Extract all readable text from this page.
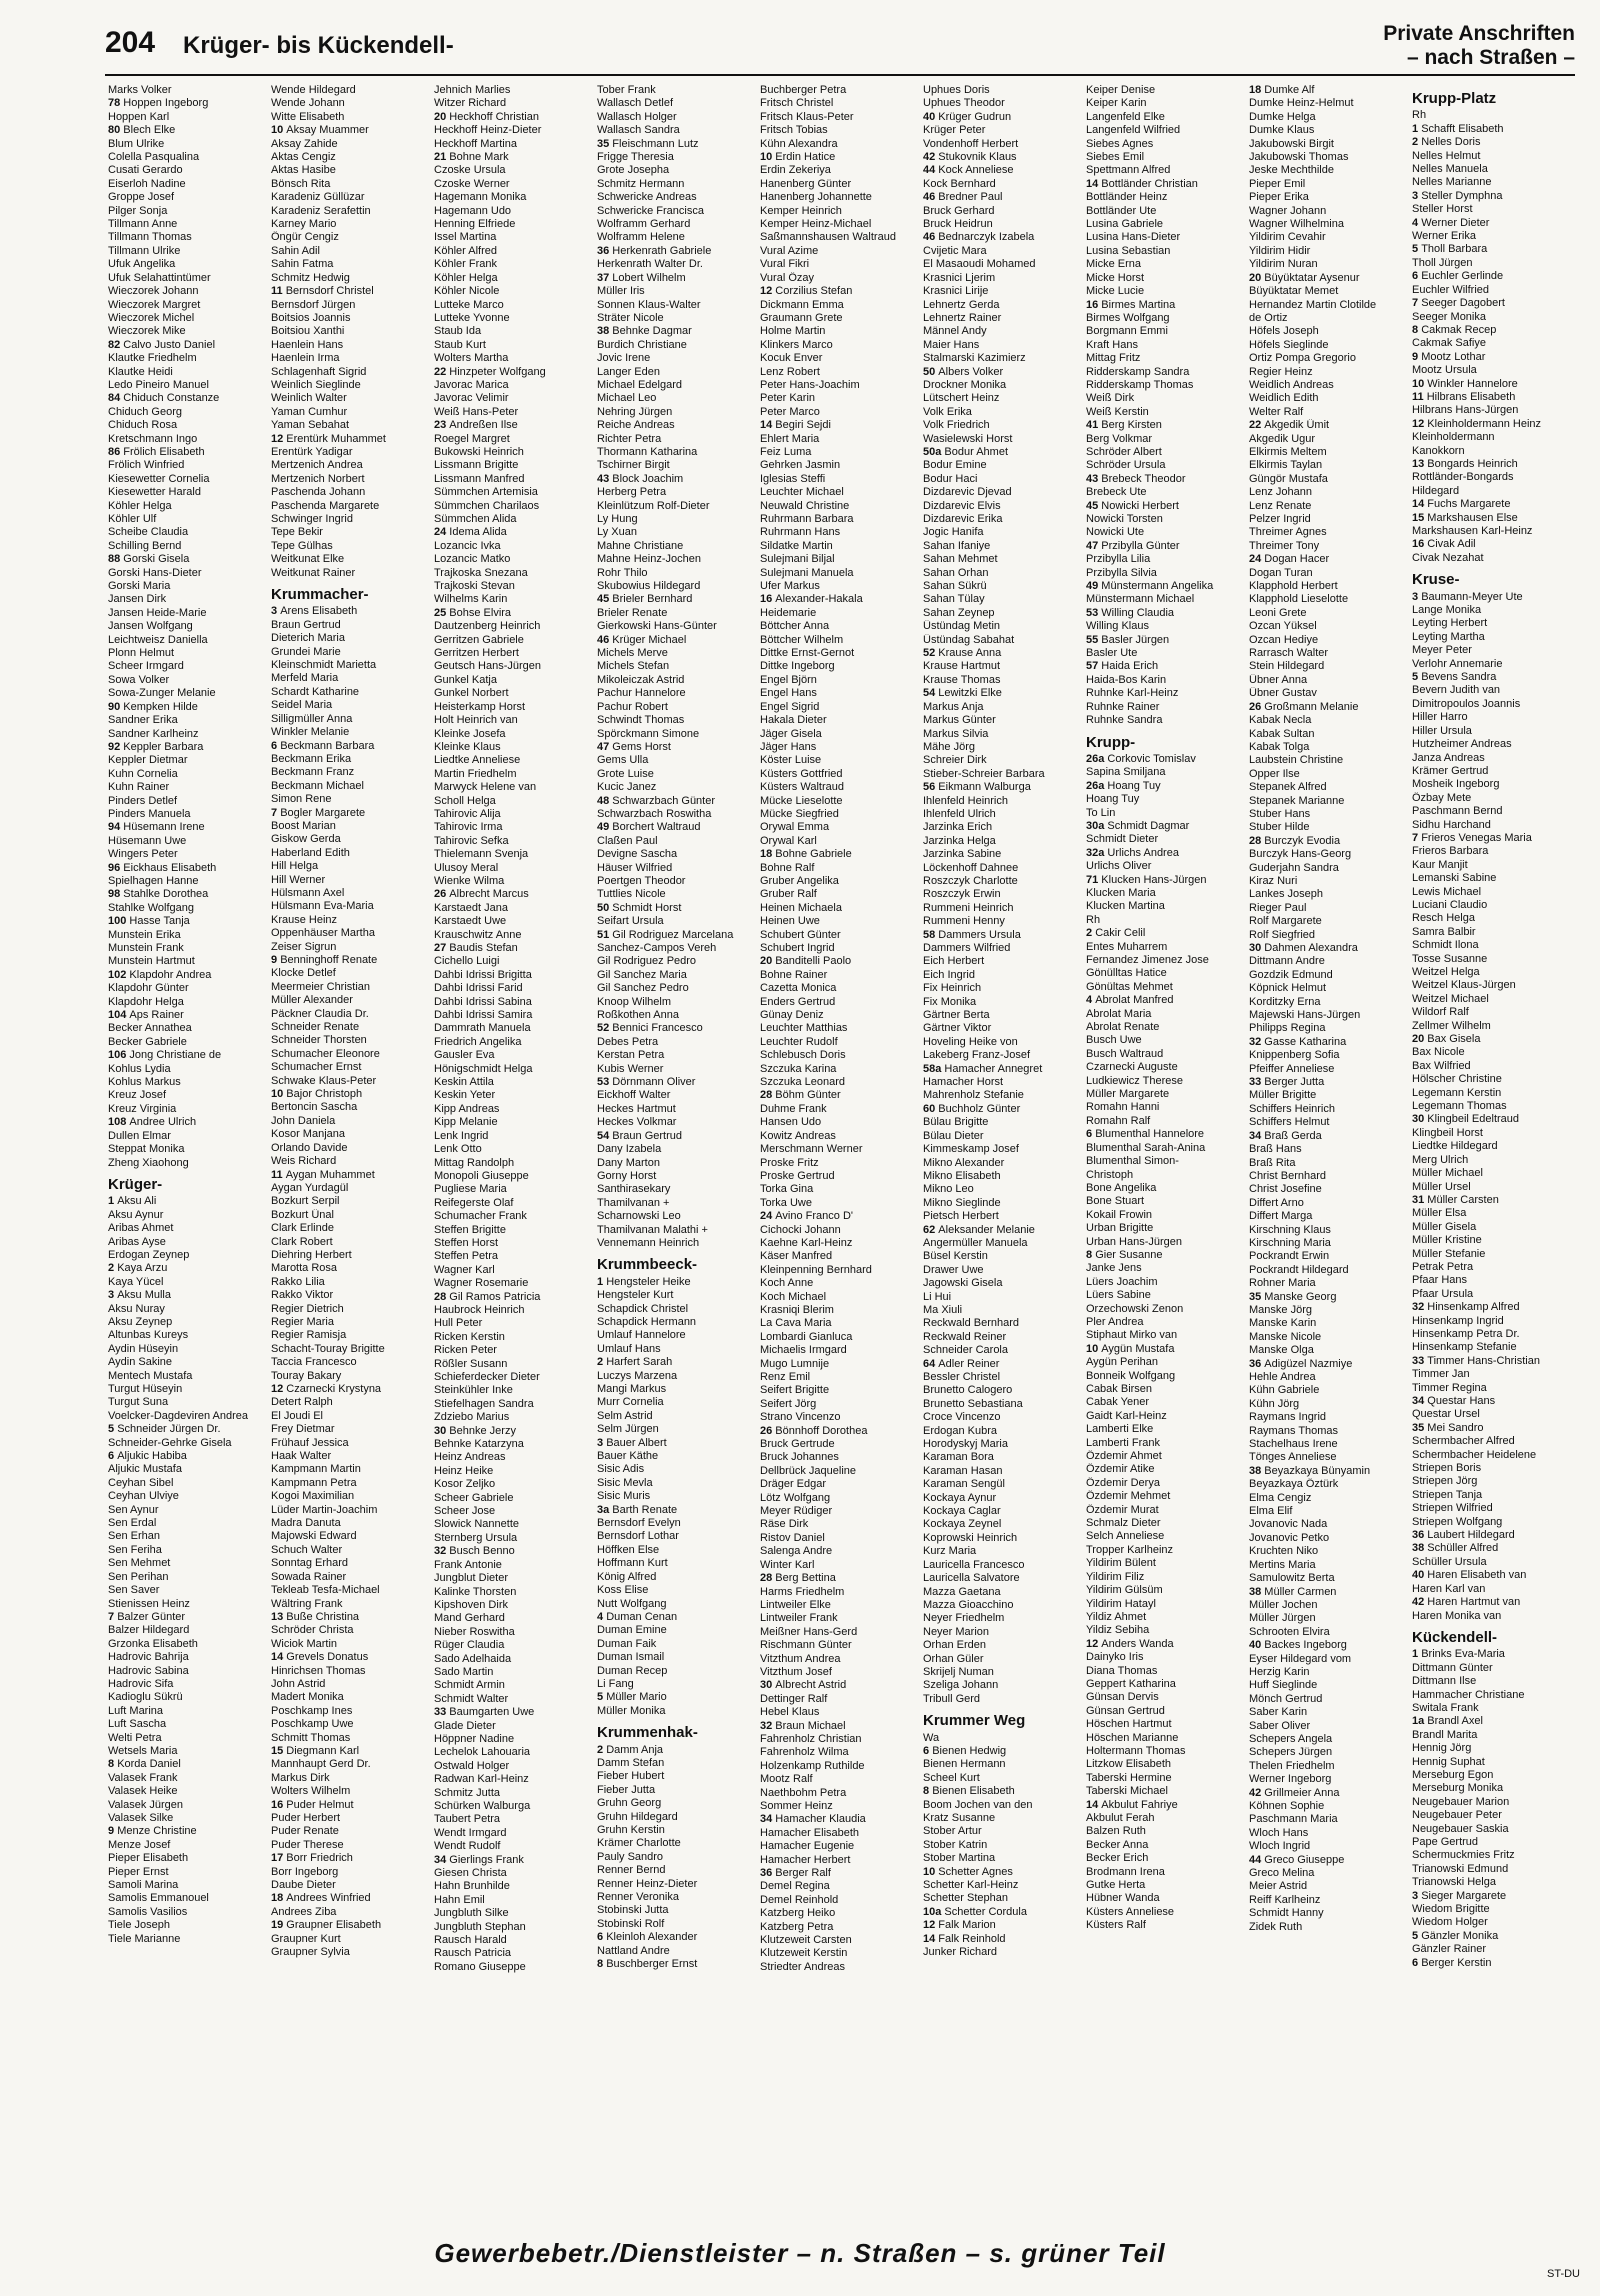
204 Krüger- bis Kückendell-	Private Anschriften
– nach Straßen –
Marks Volker
78 Hoppen Ingeborg
Hoppen Karl
80 Blech Elke
Blum Ulrike
Colella Pasqualina
Cusati Gerardo
Eiserloh Nadine
Groppe Josef
Pilger Sonja
Tillmann Anne
Tillmann Thomas
Tillmann Ulrike
Ufuk Angelika
Ufuk Selahattintümer
Wieczorek Johann
Wieczorek Margret
Wieczorek Michel
Wieczorek Mike
82 Calvo Justo Daniel
Klautke Friedhelm
Klautke Heidi
Ledo Pineiro Manuel
84 Chiduch Constanze
Chiduch Georg
Chiduch Rosa
Kretschmann Ingo
86 Frölich Elisabeth
Frölich Winfried
Kiesewetter Cornelia
Kiesewetter Harald
Köhler Helga
Köhler Ulf
Scheibe Claudia
Schilling Bernd
88 Gorski Gisela
Gorski Hans-Dieter
Gorski Maria
Jansen Dirk
Jansen Heide-Marie
Jansen Wolfgang
Leichtweisz Daniella
Plonn Helmut
Scheer Irmgard
Sowa Volker
Sowa-Zunger Melanie
90 Kempken Hilde
Sandner Erika
Sandner Karlheinz
92 Keppler Barbara
Keppler Dietmar
Kuhn Cornelia
Kuhn Rainer
Pinders Detlef
Pinders Manuela
94 Hüsemann Irene
Hüsemann Uwe
Wingers Peter
96 Eickhaus Elisabeth
Spielhagen Hanne
98 Stahlke Dorothea
Stahlke Wolfgang
100 Hasse Tanja
Munstein Erika
Munstein Frank
Munstein Hartmut
102 Klapdohr Andrea
Klapdohr Günter
Klapdohr Helga
104 Aps Rainer
Becker Annathea
Becker Gabriele
106 Jong Christiane de
Kohlus Lydia
Kohlus Markus
Kreuz Josef
Kreuz Virginia
108 Andree Ulrich
Dullen Elmar
Steppat Monika
Zheng Xiaohong
Krüger-
1 Aksu Ali
Aksu Aynur
Aribas Ahmet
Aribas Ayse
Erdogan Zeynep
2 Kaya Arzu
Kaya Yücel
3 Aksu Mulla
Aksu Nuray
Aksu Zeynep
Altunbas Kureys
Aydin Hüseyin
Aydin Sakine
Mentech Mustafa
Turgut Hüseyin
Turgut Suna
Voelcker-Dagdeviren Andrea
5 Schneider Jürgen Dr.
Schneider-Gehrke Gisela
6 Aljukic Habiba
Aljukic Mustafa
Ceyhan Sibel
Ceyhan Ulviye
Sen Aynur
Sen Erdal
Sen Erhan
Sen Feriha
Sen Mehmet
Sen Perihan
Sen Saver
Stienissen Heinz
7 Balzer Günter
Balzer Hildegard
Grzonka Elisabeth
Hadrovic Bahrija
Hadrovic Sabina
Hadrovic Sifa
Kadioglu Sükrü
Luft Marina
Luft Sascha
Welti Petra
Wetsels Maria
8 Korda Daniel
Valasek Frank
Valasek Heike
Valasek Jürgen
Valasek Silke
9 Menze Christine
Menze Josef
Pieper Elisabeth
Pieper Ernst
Samoli Marina
Samolis Emmanouel
Samolis Vasilios
Tiele Joseph
Tiele Marianne
Wende Hildegard
Wende Johann
Witte Elisabeth
10 Aksay Muammer
Aksay Zahide
Aktas Cengiz
Aktas Hasibe
Bönsch Rita
Karadeniz Güllüzar
Karadeniz Serafettin
Karney Mario
Öngür Cengiz
Sahin Adil
Sahin Fatma
Schmitz Hedwig
11 Bernsdorf Christel
Bernsdorf Jürgen
Boitsios Joannis
Boitsiou Xanthi
Haenlein Hans
Haenlein Irma
Schlagenhaft Sigrid
Weinlich Sieglinde
Weinlich Walter
Yaman Cumhur
Yaman Sebahat
12 Erentürk Muhammet
Erentürk Yadigar
Mertzenich Andrea
Mertzenich Norbert
Paschenda Johann
Paschenda Margarete
Schwinger Ingrid
Tepe Bekir
Tepe Gülhas
Weitkunat Elke
Weitkunat Rainer
Krummacher-
3 Arens Elisabeth
Braun Gertrud
Dieterich Maria
Grundei Marie
Kleinschmidt Marietta
Merfeld Maria
Schardt Katharine
Seidel Maria
Silligmüller Anna
Winkler Melanie
6 Beckmann Barbara
Beckmann Erika
Beckmann Franz
Beckmann Michael
Simon Rene
7 Bogler Margarete
Boost Marian
Giskow Gerda
Haberland Edith
Hill Helga
Hill Werner
Hülsmann Axel
Hülsmann Eva-Maria
Krause Heinz
Oppenhäuser Martha
Zeiser Sigrun
9 Benninghoff Renate
Klocke Detlef
Meermeier Christian
Müller Alexander
Päckner Claudia Dr.
Schneider Renate
Schneider Thorsten
Schumacher Eleonore
Schumacher Ernst
Schwake Klaus-Peter
10 Bajor Christoph
Bertoncin Sascha
John Daniela
Kosor Manjana
Orlando Davide
Weis Richard
11 Aygan Muhammet
Aygan Yurdagül
Bozkurt Serpil
Bozkurt Ünal
Clark Erlinde
Clark Robert
Diehring Herbert
Marotta Rosa
Rakko Lilia
Rakko Viktor
Regier Dietrich
Regier Maria
Regier Ramisja
Schacht-Touray Brigitte
Taccia Francesco
Touray Bakary
12 Czarnecki Krystyna
Detert Ralph
El Joudi El
Frey Dietmar
Frühauf Jessica
Haak Walter
Kampmann Martin
Kampmann Petra
Kogoi Maximilian
Lüder Martin-Joachim
Madra Danuta
Majowski Edward
Schuch Walter
Sonntag Erhard
Sowada Rainer
Tekleab Tesfa-Michael
Wältring Frank
13 Buße Christina
Schröder Christa
Wiciok Martin
14 Grevels Donatus
Hinrichsen Thomas
John Astrid
Madert Monika
Poschkamp Ines
Poschkamp Uwe
Schmitt Thomas
15 Diegmann Karl
Mannhaupt Gerd Dr.
Markus Dirk
Wolters Wilhelm
16 Puder Helmut
Puder Herbert
Puder Renate
Puder Therese
17 Borr Friedrich
Borr Ingeborg
Daube Dieter
18 Andrees Winfried
Andrees Ziba
19 Graupner Elisabeth
Graupner Kurt
Graupner Sylvia
Jehnich Marlies
Witzer Richard
20 Heckhoff Christian
Heckhoff Heinz-Dieter
Heckhoff Martina
21 Bohne Mark
Czoske Ursula
Czoske Werner
Hagemann Monika
Hagemann Udo
Henning Elfriede
Issel Martina
Köhler Alfred
Köhler Frank
Köhler Helga
Köhler Nicole
Lutteke Marco
Lutteke Yvonne
Staub Ida
Staub Kurt
Wolters Martha
22 Hinzpeter Wolfgang
Javorac Marica
Javorac Velimir
Weiß Hans-Peter
23 Andreßen Ilse
Roegel Margret
Bukowski Heinrich
Lissmann Brigitte
Lissmann Manfred
Sümmchen Artemisia
Sümmchen Charilaos
Sümmchen Alida
24 Idema Alida
Lozancic Ivka
Lozancic Matko
Trajkoska Snezana
Trajkoski Stevan
Wilhelms Karin
25 Bohse Elvira
Dautzenberg Heinrich
Gerritzen Gabriele
Gerritzen Herbert
Geutsch Hans-Jürgen
Gunkel Katja
Gunkel Norbert
Heisterkamp Horst
Holt Heinrich van
Kleinke Josefa
Kleinke Klaus
Liedtke Anneliese
Martin Friedhelm
Marwyck Helene van
Scholl Helga
Tahirovic Alija
Tahirovic Irma
Tahirovic Sefka
Thielemann Svenja
Ulusoy Meral
Wienke Wilma
26 Albrecht Marcus
Karstaedt Jana
Karstaedt Uwe
Krauschwitz Anne
27 Baudis Stefan
Cichello Luigi
Dahbi Idrissi Brigitta
Dahbi Idrissi Farid
Dahbi Idrissi Sabina
Dahbi Idrissi Samira
Dammrath Manuela
Friedrich Angelika
Gausler Eva
Hönigschmidt Helga
Keskin Attila
Keskin Yeter
Kipp Andreas
Kipp Melanie
Lenk Ingrid
Lenk Otto
Mittag Randolph
Monopoli Giuseppe
Pugliese Maria
Reifegerste Olaf
Schumacher Frank
Steffen Brigitte
Steffen Horst
Steffen Petra
Wagner Karl
Wagner Rosemarie
28 Gil Ramos Patricia
Haubrock Heinrich
Hull Peter
Ricken Kerstin
Ricken Peter
Rößler Susann
Schieferdecker Dieter
Steinkühler Inke
Stiefelhagen Sandra
Zdziebo Marius
30 Behnke Jerzy
Behnke Katarzyna
Heinz Andreas
Heinz Heike
Kosor Zeljko
Scheer Gabriele
Scheer Jose
Slowick Nannette
Sternberg Ursula
32 Busch Benno
Frank Antonie
Jungblut Dieter
Kalinke Thorsten
Kipshoven Dirk
Mand Gerhard
Nieber Roswitha
Rüger Claudia
Sado Adelhaida
Sado Martin
Schmidt Armin
Schmidt Walter
33 Baumgarten Uwe
Glade Dieter
Höppner Nadine
Lechelok Lahouaria
Ostwald Holger
Radwan Karl-Heinz
Schmitz Jutta
Schürken Walburga
Taubert Petra
Wendt Irmgard
Wendt Rudolf
34 Gierlings Frank
Giesen Christa
Hahn Brunhilde
Hahn Emil
Jungbluth Silke
Jungbluth Stephan
Rausch Harald
Rausch Patricia
Romano Giuseppe
Tober Frank
Wallasch Detlef
Wallasch Holger
Wallasch Sandra
35 Fleischmann Lutz
Frigge Theresia
Grote Josepha
Schmitz Hermann
Schwericke Andreas
Schwericke Francisca
Wolframm Gerhard
Wolframm Helene
36 Herkenrath Gabriele
Herkenrath Walter Dr.
37 Lobert Wilhelm
Müller Iris
Sonnen Klaus-Walter
Sträter Nicole
38 Behnke Dagmar
Burdich Christiane
Jovic Irene
Langer Eden
Michael Edelgard
Michael Leo
Nehring Jürgen
Reiche Andreas
Richter Petra
Thormann Katharina
Tschirner Birgit
43 Block Joachim
Herberg Petra
Kleinlützum Rolf-Dieter
Ly Hung
Ly Xuan
Mahne Christiane
Mahne Heinz-Jochen
Rohr Thilo
Skubowius Hildegard
45 Brieler Bernhard
Brieler Renate
Gierkowski Hans-Günter
46 Krüger Michael
Michels Merve
Michels Stefan
Mikoleiczak Astrid
Pachur Hannelore
Pachur Robert
Schwindt Thomas
Spörckmann Simone
47 Gems Horst
Gems Ulla
Grote Luise
Kucic Janez
48 Schwarzbach Günter
Schwarzbach Roswitha
49 Borchert Waltraud
Claßen Paul
Devigne Sascha
Häuser Wilfried
Poertgen Theodor
Tuttlies Nicole
50 Schmidt Horst
Seifart Ursula
51 Gil Rodriguez Marcelana
Sanchez-Campos Vereh
Gil Rodriguez Pedro
Gil Sanchez Maria
Gil Sanchez Pedro
Knoop Wilhelm
Roßkothen Anna
52 Bennici Francesco
Debes Petra
Kerstan Petra
Kubis Werner
53 Dörnmann Oliver
Eickhoff Walter
Heckes Hartmut
Heckes Volkmar
54 Braun Gertrud
Dany Izabela
Dany Marton
Gorny Horst
Santhirasekary
Thamilvanan +
Scharnowski Leo
Thamilvanan Malathi +
Vennemann Heinrich
Krummbeeck-
1 Hengsteler Heike
Hengsteler Kurt
Schapdick Christel
Schapdick Hermann
Umlauf Hannelore
Umlauf Hans
2 Harfert Sarah
Luczys Marzena
Mangi Markus
Murr Cornelia
Selm Astrid
Selm Jürgen
3 Bauer Albert
Bauer Käthe
Sisic Adis
Sisic Mevla
Sisic Muris
3a Barth Renate
Bernsdorf Evelyn
Bernsdorf Lothar
Höffken Else
Hoffmann Kurt
König Alfred
Koss Elise
Nutt Wolfgang
4 Duman Cenan
Duman Emine
Duman Faik
Duman Ismail
Duman Recep
Li Fang
5 Müller Mario
Müller Monika
Krummenhak-
2 Damm Anja
Damm Stefan
Fieber Hubert
Fieber Jutta
Gruhn Georg
Gruhn Hildegard
Gruhn Kerstin
Krämer Charlotte
Pauly Sandro
Renner Bernd
Renner Heinz-Dieter
Renner Veronika
Stobinski Jutta
Stobinski Rolf
6 Kleinloh Alexander
Nattland Andre
8 Buschberger Ernst
Buchberger Petra
Fritsch Christel
Fritsch Klaus-Peter
Fritsch Tobias
Kühn Alexandra
10 Erdin Hatice
Erdin Zekeriya
Hanenberg Günter
Hanenberg Johannette
Kemper Heinrich
Kemper Heinz-Michael
Saßmannshausen Waltraud
Vural Azime
Vural Fikri
Vural Özay
12 Corzilius Stefan
Dickmann Emma
Graumann Grete
Holme Martin
Klinkers Marco
Kocuk Enver
Lenz Robert
Peter Hans-Joachim
Peter Karin
Peter Marco
14 Begiri Sejdi
Ehlert Maria
Feiz Luma
Gehrken Jasmin
Iglesias Steffi
Leuchter Michael
Neuwald Christine
Ruhrmann Barbara
Ruhrmann Hans
Sildatke Martin
Sulejmani Biljal
Sulejmani Manuela
Ufer Markus
16 Alexander-Hakala
Heidemarie
Böttcher Anna
Böttcher Wilhelm
Dittke Ernst-Gernot
Dittke Ingeborg
Engel Björn
Engel Hans
Engel Sigrid
Hakala Dieter
Jäger Gisela
Jäger Hans
Köster Luise
Küsters Gottfried
Küsters Waltraud
Mücke Lieselotte
Mücke Siegfried
Orywal Emma
Orywal Karl
18 Bohne Gabriele
Bohne Ralf
Gruber Angelika
Gruber Ralf
Heinen Michaela
Heinen Uwe
Schubert Günter
Schubert Ingrid
20 Banditelli Paolo
Bohne Rainer
Cazetta Monica
Enders Gertrud
Günay Deniz
Leuchter Matthias
Leuchter Rudolf
Schlebusch Doris
Szczuka Karina
Szczuka Leonard
28 Böhm Günter
Duhme Frank
Hansen Udo
Kowitz Andreas
Merschmann Werner
Proske Fritz
Proske Gertrud
Torka Gina
Torka Uwe
24 Avino Franco D'
Cichocki Johann
Kaehne Karl-Heinz
Käser Manfred
Kleinpenning Bernhard
Koch Anne
Koch Michael
Krasniqi Blerim
La Cava Maria
Lombardi Gianluca
Michaelis Irmgard
Mugo Lumnije
Renz Emil
Seifert Brigitte
Seifert Jörg
Strano Vincenzo
26 Bönnhoff Dorothea
Bruck Gertrude
Bruck Johannes
Dellbrück Jaqueline
Dräger Edgar
Lötz Wolfgang
Meyer Rüdiger
Räse Dirk
Ristov Daniel
Salenga Andre
Winter Karl
28 Berg Bettina
Harms Friedhelm
Lintweiler Elke
Lintweiler Frank
Meißner Hans-Gerd
Rischmann Günter
Vitzthum Andrea
Vitzthum Josef
30 Albrecht Astrid
Dettinger Ralf
Hebel Klaus
32 Braun Michael
Fahrenholz Christian
Fahrenholz Wilma
Holzenkamp Ruthilde
Mootz Ralf
Naethbohm Petra
Sommer Heinz
34 Hamacher Klaudia
Hamacher Elisabeth
Hamacher Eugenie
Hamacher Herbert
36 Berger Ralf
Demel Regina
Demel Reinhold
Katzberg Heiko
Katzberg Petra
Klutzeweit Carsten
Klutzeweit Kerstin
Striedter Andreas
Uphues Doris
Uphues Theodor
40 Krüger Gudrun
Krüger Peter
Vondenhoff Herbert
42 Stukovnik Klaus
44 Kock Anneliese
Kock Bernhard
46 Bredner Paul
Bruck Gerhard
Bruck Heidrun
46 Bednarczyk Izabela
Cvijetic Mara
El Masaoudi Mohamed
Krasnici Ljerim
Krasnici Lirije
Lehnertz Gerda
Lehnertz Rainer
Männel Andy
Maier Hans
Stalmarski Kazimierz
50 Albers Volker
Drockner Monika
Lütschert Heinz
Volk Erika
Volk Friedrich
Wasielewski Horst
50a Bodur Ahmet
Bodur Emine
Bodur Haci
Dizdarevic Djevad
Dizdarevic Elvis
Dizdarevic Erika
Jogic Hanifa
Sahan Ifaniye
Sahan Mehmet
Sahan Orhan
Sahan Sükrü
Sahan Tülay
Sahan Zeynep
Üstündag Metin
Üstündag Sabahat
52 Krause Anna
Krause Hartmut
Krause Thomas
54 Lewitzki Elke
Markus Anja
Markus Günter
Markus Silvia
Mähe Jörg
Schreier Dirk
Stieber-Schreier Barbara
56 Eikmann Walburga
Ihlenfeld Heinrich
Ihlenfeld Ulrich
Jarzinka Erich
Jarzinka Helga
Jarzinka Sabine
Löckenhoff Dahnee
Roszczyk Charlotte
Roszczyk Erwin
Rummeni Heinrich
Rummeni Henny
58 Dammers Ursula
Dammers Wilfried
Eich Herbert
Eich Ingrid
Fix Heinrich
Fix Monika
Gärtner Berta
Gärtner Viktor
Hoveling Heike von
Lakeberg Franz-Josef
58a Hamacher Annegret
Hamacher Horst
Mahrenholz Stefanie
60 Buchholz Günter
Bülau Brigitte
Bülau Dieter
Kimmeskamp Josef
Mikno Alexander
Mikno Elisabeth
Mikno Leo
Mikno Sieglinde
Pietsch Herbert
62 Aleksander Melanie
Angermüller Manuela
Büsel Kerstin
Drawer Uwe
Jagowski Gisela
Li Hui
Ma Xiuli
Reckwald Bernhard
Reckwald Reiner
Schneider Carola
64 Adler Reiner
Bessler Christel
Brunetto Calogero
Brunetto Sebastiana
Croce Vincenzo
Erdogan Kubra
Horodyskyj Maria
Karaman Bora
Karaman Hasan
Karaman Sengül
Kockaya Aynur
Kockaya Caglar
Kockaya Zeynel
Koprowski Heinrich
Kurz Maria
Lauricella Francesco
Lauricella Salvatore
Mazza Gaetana
Mazza Gioacchino
Neyer Friedhelm
Neyer Marion
Orhan Erden
Orhan Güler
Skrijelj Numan
Szeliga Johann
Tribull Gerd
Krummer Weg
Wa
6 Bienen Hedwig
Bienen Hermann
Scheel Kurt
8 Bienen Elisabeth
Boom Jochen van den
Kratz Susanne
Stober Artur
Stober Katrin
Stober Martina
10 Schetter Agnes
Schetter Karl-Heinz
Schetter Stephan
10a Schetter Cordula
12 Falk Marion
14 Falk Reinhold
Junker Richard
Keiper Denise
Keiper Karin
Langenfeld Elke
Langenfeld Wilfried
Siebes Agnes
Siebes Emil
Spettmann Alfred
14 Bottländer Christian
Bottländer Heinz
Bottländer Ute
Lusina Gabriele
Lusina Hans-Dieter
Lusina Sebastian
Micke Erna
Micke Horst
Micke Lucie
16 Birmes Martina
Birmes Wolfgang
Borgmann Emmi
Kraft Hans
Mittag Fritz
Ridderskamp Sandra
Ridderskamp Thomas
Weiß Dirk
Weiß Kerstin
41 Berg Kirsten
Berg Volkmar
Schröder Albert
Schröder Ursula
43 Brebeck Theodor
Brebeck Ute
45 Nowicki Herbert
Nowicki Torsten
Nowicki Ute
47 Przibylla Günter
Przibylla Lilia
Przibylla Silvia
49 Münstermann Angelika
Münstermann Michael
53 Willing Claudia
Willing Klaus
55 Basler Jürgen
Basler Ute
57 Haida Erich
Haida-Bos Karin
Ruhnke Karl-Heinz
Ruhnke Rainer
Ruhnke Sandra
Krupp-
26a Corkovic Tomislav
Sapina Smiljana
26a Hoang Tuy
Hoang Tuy
To Lin
30a Schmidt Dagmar
Schmidt Dieter
32a Urlichs Andrea
Urlichs Oliver
71 Klucken Hans-Jürgen
Klucken Maria
Klucken Martina
Rh
2 Cakir Celil
Entes Muharrem
Fernandez Jimenez Jose
Gönülltas Hatice
Gönültas Mehmet
4 Abrolat Manfred
Abrolat Maria
Abrolat Renate
Busch Uwe
Busch Waltraud
Czarnecki Auguste
Ludkiewicz Therese
Müller Margarete
Romahn Hanni
Romahn Ralf
6 Blumenthal Hannelore
Blumenthal Sarah-Anina
Blumenthal Simon-
Christoph
Bone Angelika
Bone Stuart
Kokail Frowin
Urban Brigitte
Urban Hans-Jürgen
8 Gier Susanne
Janke Jens
Lüers Joachim
Lüers Sabine
Orzechowski Zenon
Pler Andrea
Stiphaut Mirko van
10 Aygün Mustafa
Aygün Perihan
Bonneik Wolfgang
Cabak Birsen
Cabak Yener
Gaidt Karl-Heinz
Lamberti Elke
Lamberti Frank
Özdemir Ahmet
Özdemir Atike
Özdemir Derya
Özdemir Mehmet
Özdemir Murat
Schmalz Dieter
Selch Anneliese
Tropper Karlheinz
Yildirim Bülent
Yildirim Filiz
Yildirim Gülsüm
Yildirim Hatayl
Yildiz Ahmet
Yildiz Sebiha
12 Anders Wanda
Dainyko Iris
Diana Thomas
Geppert Katharina
Günsan Dervis
Günsan Gertrud
Höschen Hartmut
Höschen Marianne
Holtermann Thomas
Litzkow Elisabeth
Taberski Hermine
Taberski Michael
14 Akbulut Fahriye
Akbulut Ferah
Balzen Ruth
Becker Anna
Becker Erich
Brodmann Irena
Gutke Herta
Hübner Wanda
Küsters Anneliese
Küsters Ralf
18 Dumke Alf
Dumke Heinz-Helmut
Dumke Helga
Dumke Klaus
Jakubowski Birgit
Jakubowski Thomas
Jeske Mechthilde
Pieper Emil
Pieper Erika
Wagner Johann
Wagner Wilhelmina
Yildirim Cevahir
Yildirim Hidir
Yildirim Nuran
20 Büyüktatar Aysenur
Büyüktatar Memet
Hernandez Martin Clotilde
de Ortiz
Höfels Joseph
Höfels Sieglinde
Ortiz Pompa Gregorio
Regier Heinz
Weidlich Andreas
Weidlich Edith
Welter Ralf
22 Akgedik Ümit
Akgedik Ugur
Elkirmis Meltem
Elkirmis Taylan
Güngör Mustafa
Lenz Johann
Lenz Renate
Pelzer Ingrid
Threimer Agnes
Threimer Tony
24 Dogan Hacer
Dogan Turan
Klapphold Herbert
Klapphold Lieselotte
Leoni Grete
Ozcan Yüksel
Ozcan Hediye
Rarrasch Walter
Stein Hildegard
Übner Anna
Übner Gustav
26 Großmann Melanie
Kabak Necla
Kabak Sultan
Kabak Tolga
Laubstein Christine
Opper Ilse
Stepanek Alfred
Stepanek Marianne
Stuber Hans
Stuber Hilde
28 Burczyk Evodia
Burczyk Hans-Georg
Guderjahn Sandra
Kiraz Nuri
Lankes Joseph
Rieger Paul
Rolf Margarete
Rolf Siegfried
30 Dahmen Alexandra
Dittmann Andre
Gozdzik Edmund
Köpnick Helmut
Korditzky Erna
Majewski Hans-Jürgen
Philipps Regina
32 Gasse Katharina
Knippenberg Sofia
Pfeiffer Anneliese
33 Berger Jutta
Müller Brigitte
Schiffers Heinrich
Schiffers Helmut
34 Braß Gerda
Braß Hans
Braß Rita
Christ Bernhard
Christ Josefine
Differt Arno
Differt Marga
Kirschning Klaus
Kirschning Maria
Pockrandt Erwin
Pockrandt Hildegard
Rohner Maria
35 Manske Georg
Manske Jörg
Manske Karin
Manske Nicole
Manske Olga
36 Adigüzel Nazmiye
Hehle Andrea
Kühn Gabriele
Kühn Jörg
Raymans Ingrid
Raymans Thomas
Stachelhaus Irene
Tönges Anneliese
38 Beyazkaya Bünyamin
Beyazkaya Öztürk
Elma Cengiz
Elma Elif
Jovanovic Nada
Jovanovic Petko
Kruchten Niko
Mertins Maria
Samulowitz Berta
38 Müller Carmen
Müller Jochen
Müller Jürgen
Schrooten Elvira
40 Backes Ingeborg
Eyser Hildegard vom
Herzig Karin
Huff Sieglinde
Mönch Gertrud
Saber Karin
Saber Oliver
Schepers Angela
Schepers Jürgen
Thelen Friedhelm
Werner Ingeborg
42 Grillmeier Anna
Köhnen Sophie
Paschmann Maria
Wloch Hans
Wloch Ingrid
44 Greco Giuseppe
Greco Melina
Meier Astrid
Reiff Karlheinz
Schmidt Hanny
Zidek Ruth
Krupp-Platz
Rh
1 Schafft Elisabeth
2 Nelles Doris
Nelles Helmut
Nelles Manuela
Nelles Marianne
3 Steller Dymphna
Steller Horst
4 Werner Dieter
Werner Erika
5 Tholl Barbara
Tholl Jürgen
6 Euchler Gerlinde
Euchler Wilfried
7 Seeger Dagobert
Seeger Monika
8 Cakmak Recep
Cakmak Safiye
9 Mootz Lothar
Mootz Ursula
10 Winkler Hannelore
11 Hilbrans Elisabeth
Hilbrans Hans-Jürgen
12 Kleinholdermann Heinz
Kleinholdermann
Kanokkorn
13 Bongards Heinrich
Rottländer-Bongards
Hildegard
14 Fuchs Margarete
15 Markshausen Else
Markshausen Karl-Heinz
16 Civak Adil
Civak Nezahat
Kruse-
3 Baumann-Meyer Ute
Lange Monika
Leyting Herbert
Leyting Martha
Meyer Peter
Verlohr Annemarie
5 Bevens Sandra
Bevern Judith van
Dimitropoulos Joannis
Hiller Harro
Hiller Ursula
Hutzheimer Andreas
Janza Andreas
Krämer Gertrud
Mosheik Ingeborg
Özbay Mete
Paschmann Bernd
Sidhu Harchand
7 Frieros Venegas Maria
Frieros Barbara
Kaur Manjit
Lemanski Sabine
Lewis Michael
Luciani Claudio
Resch Helga
Samra Balbir
Schmidt Ilona
Tosse Susanne
Weitzel Helga
Weitzel Klaus-Jürgen
Weitzel Michael
Wildorf Ralf
Zellmer Wilhelm
20 Bax Gisela
Bax Nicole
Bax Wilfried
Hölscher Christine
Legemann Kerstin
Legemann Thomas
30 Klingbeil Edeltraud
Klingbeil Horst
Liedtke Hildegard
Merg Ulrich
Müller Michael
Müller Ursel
31 Müller Carsten
Müller Elsa
Müller Gisela
Müller Kristine
Müller Stefanie
Petrak Petra
Pfaar Hans
Pfaar Ursula
32 Hinsenkamp Alfred
Hinsenkamp Ingrid
Hinsenkamp Petra Dr.
Hinsenkamp Stefanie
33 Timmer Hans-Christian
Timmer Jan
Timmer Regina
34 Questar Hans
Questar Ursel
35 Mei Sandro
Schermbacher Alfred
Schermbacher Heidelene
Striepen Boris
Striepen Jörg
Striepen Tanja
Striepen Wilfried
Striepen Wolfgang
36 Laubert Hildegard
38 Schüller Alfred
Schüller Ursula
40 Haren Elisabeth van
Haren Karl van
42 Haren Hartmut van
Haren Monika van
Kückendell-
1 Brinks Eva-Maria
Dittmann Günter
Dittmann Ilse
Hammacher Christiane
Switala Frank
1a Brandl Axel
Brandl Marita
Hennig Jörg
Hennig Suphat
Merseburg Egon
Merseburg Monika
Neugebauer Marion
Neugebauer Peter
Neugebauer Saskia
Pape Gertrud
Schermuckmies Fritz
Trianowski Edmund
Trianowski Helga
3 Sieger Margarete
Wiedom Brigitte
Wiedom Holger
5 Gänzler Monika
Gänzler Rainer
6 Berger Kerstin
Gewerbebetr./Dienstleister – n. Straßen – s. grüner Teil
ST-DU
